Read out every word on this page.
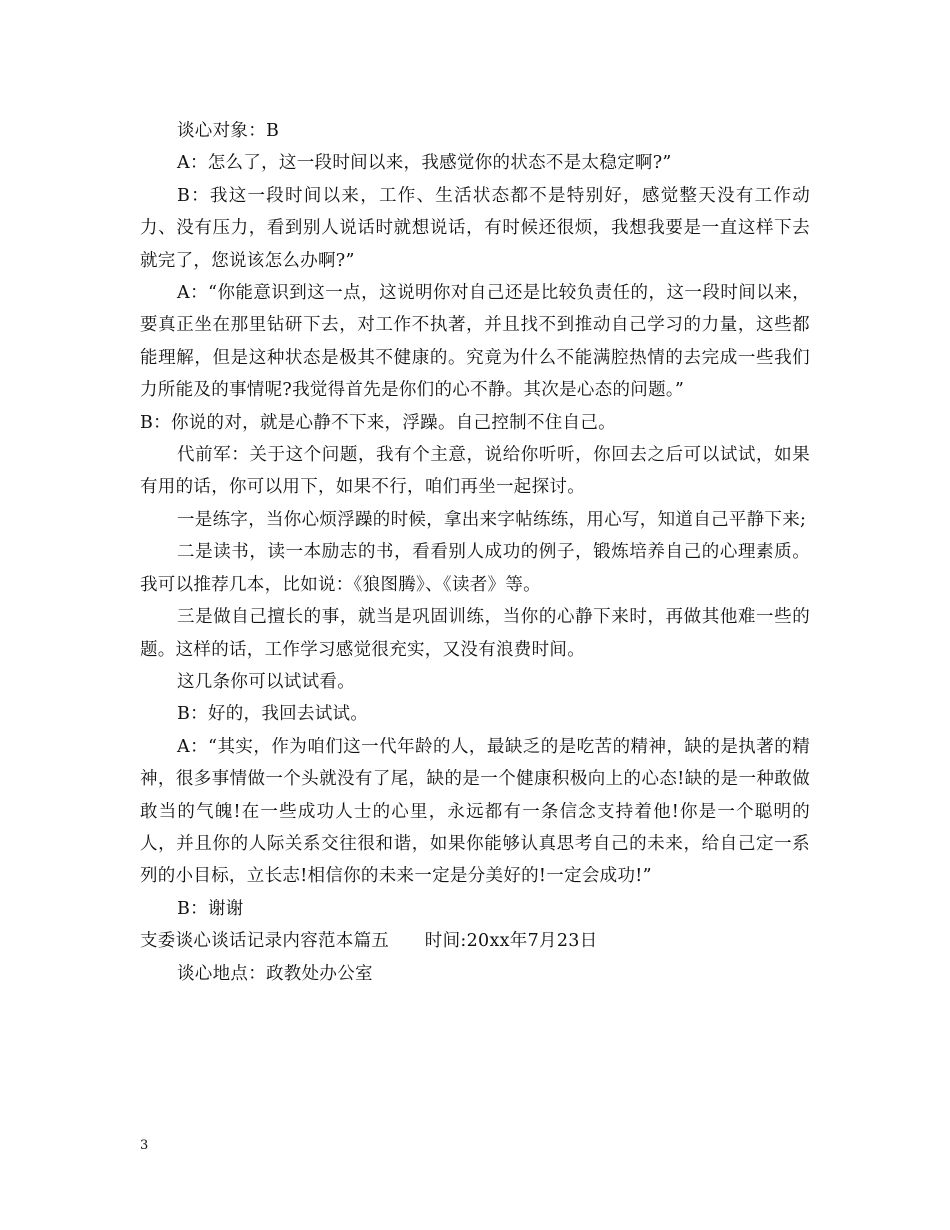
谈心对象：B

A：怎么了，这一段时间以来，我感觉你的状态不是太稳定啊?”

B：我这一段时间以来，工作、生活状态都不是特别好，感觉整天没有工作动力、没有压力，看到别人说话时就想说话，有时候还很烦，我想我要是一直这样下去就完了，您说该怎么办啊?”

A：“你能意识到这一点，这说明你对自己还是比较负责任的，这一段时间以来，要真正坐在那里钻研下去，对工作不执著，并且找不到推动自己学习的力量，这些都能理解，但是这种状态是极其不健康的。究竟为什么不能满腔热情的去完成一些我们力所能及的事情呢?我觉得首先是你们的心不静。其次是心态的问题。”

B：你说的对，就是心静不下来，浮躁。自己控制不住自己。

代前军：关于这个问题，我有个主意，说给你听听，你回去之后可以试试，如果有用的话，你可以用下，如果不行，咱们再坐一起探讨。

一是练字，当你心烦浮躁的时候，拿出来字帖练练，用心写，知道自己平静下来;

二是读书，读一本励志的书，看看别人成功的例子，锻炼培养自己的心理素质。我可以推荐几本，比如说：《狼图腾》、《读者》等。

三是做自己擅长的事，就当是巩固训练，当你的心静下来时，再做其他难一些的题。这样的话，工作学习感觉很充实，又没有浪费时间。

这几条你可以试试看。

B：好的，我回去试试。

A：“其实，作为咱们这一代年龄的人，最缺乏的是吃苦的精神，缺的是执著的精神，很多事情做一个头就没有了尾，缺的是一个健康积极向上的心态!缺的是一种敢做敢当的气魄!在一些成功人士的心里，永远都有一条信念支持着他!你是一个聪明的人，并且你的人际关系交往很和谐，如果你能够认真思考自己的未来，给自己定一系列的小目标，立长志!相信你的未来一定是分美好的!一定会成功!”

B：谢谢

支委谈心谈话记录内容范本篇五　　时间:20xx年7月23日

谈心地点：政教处办公室

3
